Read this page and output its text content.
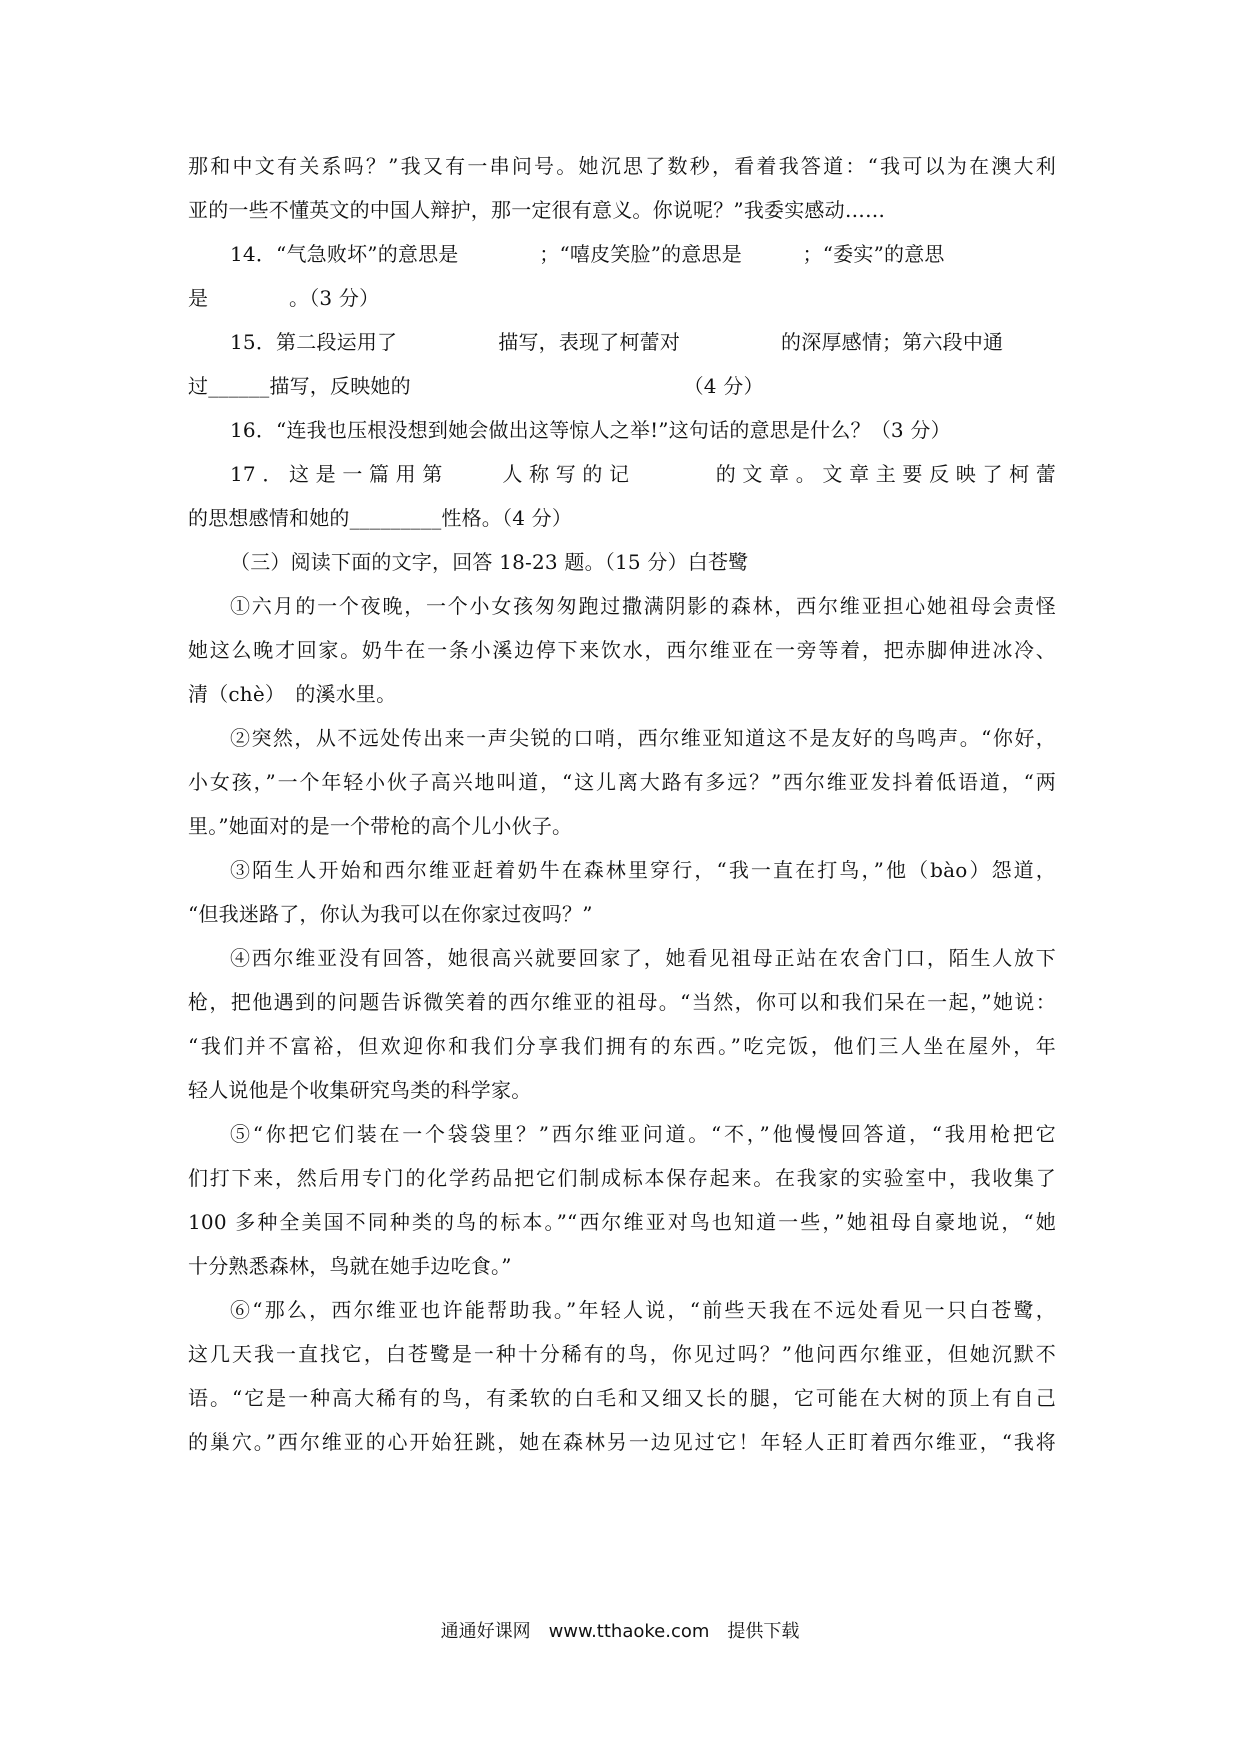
那和中文有关系吗？”我又有一串问号。她沉思了数秒，看着我答道：“我可以为在澳大利
亚的一些不懂英文的中国人辩护，那一定很有意义。你说呢？”我委实感动……
14．“气急败坏”的意思是　　　　；“嘻皮笑脸”的意思是　　　；“委实”的意思
是　　　　。（3 分）
15．第二段运用了　　　　　描写，表现了柯蕾对　　　　　的深厚感情；第六段中通
过______描写，反映她的　　　　　　　　　　　　　　（4 分）
16．“连我也压根没想到她会做出这等惊人之举!”这句话的意思是什么？（3 分）
17．这是一篇用第　　人称写的记　　　的文章。文章主要反映了柯蕾
的思想感情和她的_________性格。（4 分）
（三）阅读下面的文字，回答 18-23 题。（15 分）白苍鹭
①六月的一个夜晚，一个小女孩匆匆跑过撒满阴影的森林，西尔维亚担心她祖母会责怪
她这么晚才回家。奶牛在一条小溪边停下来饮水，西尔维亚在一旁等着，把赤脚伸进冰冷、
清（chè）　的溪水里。
②突然，从不远处传出来一声尖锐的口哨，西尔维亚知道这不是友好的鸟鸣声。“你好，
小女孩，”一个年轻小伙子高兴地叫道，“这儿离大路有多远？”西尔维亚发抖着低语道，“两
里。”她面对的是一个带枪的高个儿小伙子。
③陌生人开始和西尔维亚赶着奶牛在森林里穿行，“我一直在打鸟，”他（bào）怨道，
“但我迷路了，你认为我可以在你家过夜吗？”
④西尔维亚没有回答，她很高兴就要回家了，她看见祖母正站在农舍门口，陌生人放下
枪，把他遇到的问题告诉微笑着的西尔维亚的祖母。“当然，你可以和我们呆在一起，”她说：
“我们并不富裕，但欢迎你和我们分享我们拥有的东西。”吃完饭，他们三人坐在屋外，年
轻人说他是个收集研究鸟类的科学家。
⑤“你把它们装在一个袋袋里？”西尔维亚问道。“不，”他慢慢回答道，“我用枪把它
们打下来，然后用专门的化学药品把它们制成标本保存起来。在我家的实验室中，我收集了
100 多种全美国不同种类的鸟的标本。”“西尔维亚对鸟也知道一些，”她祖母自豪地说，“她
十分熟悉森林，鸟就在她手边吃食。”
⑥“那么，西尔维亚也许能帮助我。”年轻人说，“前些天我在不远处看见一只白苍鹭，
这几天我一直找它，白苍鹭是一种十分稀有的鸟，你见过吗？”他问西尔维亚，但她沉默不
语。“它是一种高大稀有的鸟，有柔软的白毛和又细又长的腿，它可能在大树的顶上有自己
的巢穴。”西尔维亚的心开始狂跳，她在森林另一边见过它！年轻人正盯着西尔维亚，“我将
通通好课网　www.tthaoke.com　提供下载
